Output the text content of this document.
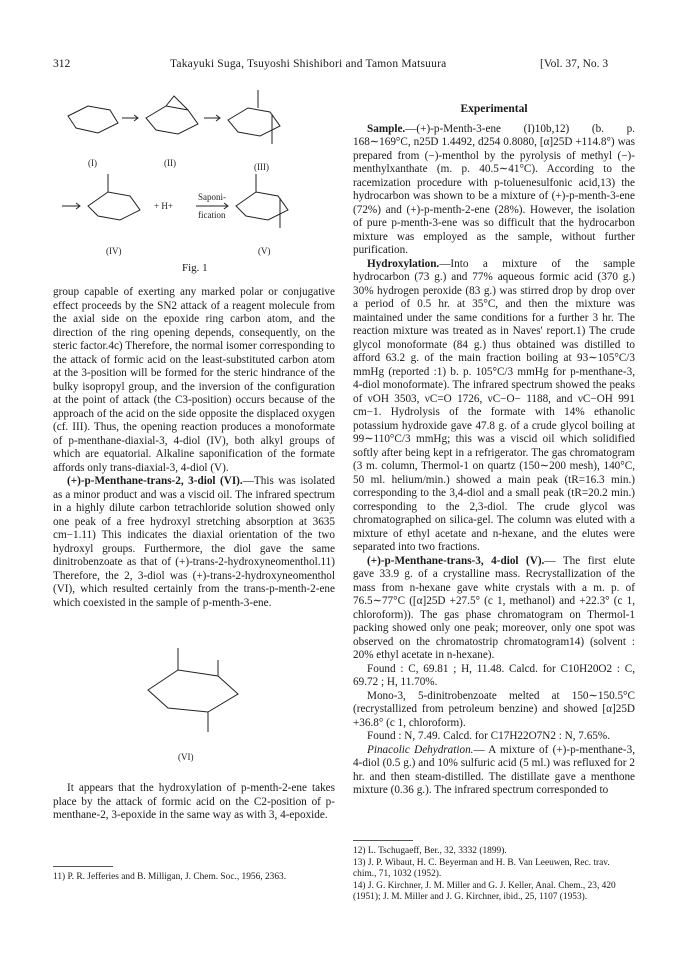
312	Takayuki Suga, Tsuyoshi Shishibori and Tamon Matsuura	[Vol. 37, No. 3
(I)	(II)	(III)
(IV)	(V)
+ H+
Saponi-
fication
Fig. 1

group capable of exerting any marked polar or conjugative effect proceeds by the SN2 attack of a reagent molecule from the axial side on the epoxide ring carbon atom, and the direction of the ring opening depends, consequently, on the steric factor.4c) Therefore, the normal isomer corresponding to the attack of formic acid on the least-substituted carbon atom at the 3-position will be formed for the steric hindrance of the bulky isopropyl group, and the inversion of the configuration at the point of attack (the C3-position) occurs because of the approach of the acid on the side opposite the displaced oxygen (cf. III). Thus, the opening reaction produces a monoformate of p-menthane-diaxial-3, 4-diol (IV), both alkyl groups of which are equatorial. Alkaline saponification of the formate affords only trans-diaxial-3, 4-diol (V).

(+)-p-Menthane-trans-2, 3-diol (VI).—This was isolated as a minor product and was a viscid oil. The infrared spectrum in a highly dilute carbon tetrachloride solution showed only one peak of a free hydroxyl stretching absorption at 3635 cm−1.11) This indicates the diaxial orientation of the two hydroxyl groups. Furthermore, the diol gave the same dinitrobenzoate as that of (+)-trans-2-hydroxyneomenthol.11) Therefore, the 2, 3-diol was (+)-trans-2-hydroxyneomenthol (VI), which resulted certainly from the trans-p-menth-2-ene which coexisted in the sample of p-menth-3-ene.

(VI)

It appears that the hydroxylation of p-menth-2-ene takes place by the attack of formic acid on the C2-position of p-menthane-2, 3-epoxide in the same way as with 3, 4-epoxide.

11) P. R. Jefferies and B. Milligan, J. Chem. Soc., 1956, 2363.

Experimental

Sample.—(+)-p-Menth-3-ene (I)10b,12) (b. p. 168∼169°C, n25D 1.4492, d254 0.8080, [α]25D +114.8°) was prepared from (−)-menthol by the pyrolysis of methyl (−)-menthylxanthate (m. p. 40.5∼41°C). According to the racemization procedure with p-toluenesulfonic acid,13) the hydrocarbon was shown to be a mixture of (+)-p-menth-3-ene (72%) and (+)-p-menth-2-ene (28%). However, the isolation of pure p-menth-3-ene was so difficult that the hydrocarbon mixture was employed as the sample, without further purification.

Hydroxylation.—Into a mixture of the sample hydrocarbon (73 g.) and 77% aqueous formic acid (370 g.) 30% hydrogen peroxide (83 g.) was stirred drop by drop over a period of 0.5 hr. at 35°C, and then the mixture was maintained under the same conditions for a further 3 hr. The reaction mixture was treated as in Naves' report.1) The crude glycol monoformate (84 g.) thus obtained was distilled to afford 63.2 g. of the main fraction boiling at 93∼105°C/3 mmHg (reported :1) b. p. 105°C/3 mmHg for p-menthane-3, 4-diol monoformate). The infrared spectrum showed the peaks of νOH 3503, νC=O 1726, νC−O− 1188, and νC−OH 991 cm−1. Hydrolysis of the formate with 14% ethanolic potassium hydroxide gave 47.8 g. of a crude glycol boiling at 99∼110°C/3 mmHg; this was a viscid oil which solidified softly after being kept in a refrigerator. The gas chromatogram (3 m. column, Thermol-1 on quartz (150∼200 mesh), 140°C, 50 ml. helium/min.) showed a main peak (tR=16.3 min.) corresponding to the 3,4-diol and a small peak (tR=20.2 min.) corresponding to the 2,3-diol. The crude glycol was chromatographed on silica-gel. The column was eluted with a mixture of ethyl acetate and n-hexane, and the elutes were separated into two fractions.

(+)-p-Menthane-trans-3, 4-diol (V).— The first elute gave 33.9 g. of a crystalline mass. Recrystallization of the mass from n-hexane gave white crystals with a m. p. of 76.5∼77°C ([α]25D +27.5° (c 1, methanol) and +22.3° (c 1, chloroform)). The gas phase chromatogram on Thermol-1 packing showed only one peak; moreover, only one spot was observed on the chromatostrip chromatogram14) (solvent : 20% ethyl acetate in n-hexane).

Found : C, 69.81 ; H, 11.48. Calcd. for C10H20O2 : C, 69.72 ; H, 11.70%.

Mono-3, 5-dinitrobenzoate melted at 150∼150.5°C (recrystallized from petroleum benzine) and showed [α]25D +36.8° (c 1, chloroform).

Found : N, 7.49. Calcd. for C17H22O7N2 : N, 7.65%.

Pinacolic Dehydration.— A mixture of (+)-p-menthane-3, 4-diol (0.5 g.) and 10% sulfuric acid (5 ml.) was refluxed for 2 hr. and then steam-distilled. The distillate gave a menthone mixture (0.36 g.). The infrared spectrum corresponded to

12) L. Tschugaeff, Ber., 32, 3332 (1899).

13) J. P. Wibaut, H. C. Beyerman and H. B. Van Leeuwen, Rec. trav. chim., 71, 1032 (1952).

14) J. G. Kirchner, J. M. Miller and G. J. Keller, Anal. Chem., 23, 420 (1951); J. M. Miller and J. G. Kirchner, ibid., 25, 1107 (1953).
